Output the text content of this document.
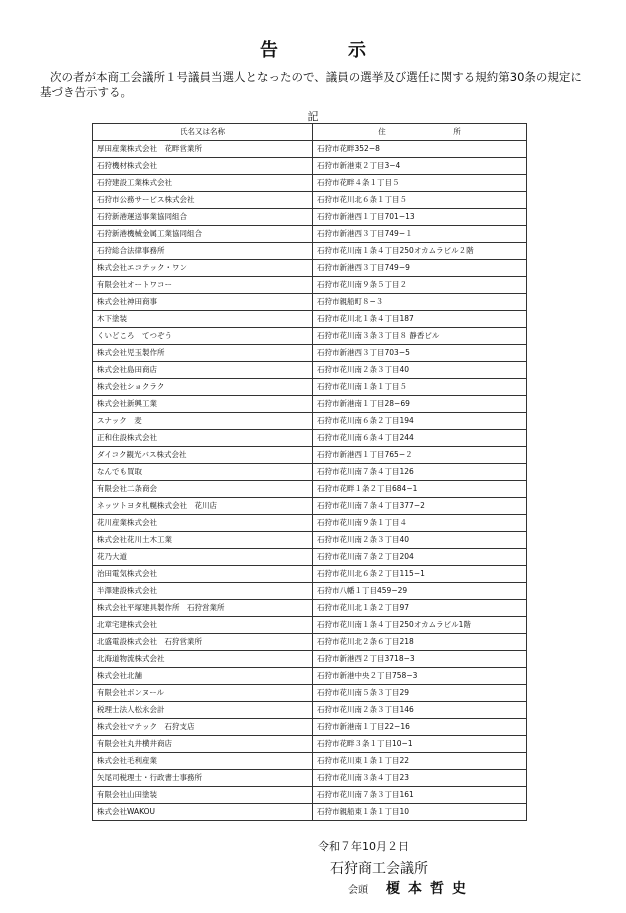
告　示
次の者が本商工会議所１号議員当選人となったので、議員の選挙及び選任に関する規約第30条の規定に基づき告示する。
記
氏名又は名称	住　所
厚田産業株式会社　花畔営業所	石狩市花畔352−8
石狩機材株式会社	石狩市新港東２丁目3−4
石狩建設工業株式会社	石狩市花畔４条１丁目５
石狩市公務サービス株式会社	石狩市花川北６条１丁目５
石狩新港運送事業協同組合	石狩市新港西１丁目701−13
石狩新港機械金属工業協同組合	石狩市新港西３丁目749−１
石狩総合法律事務所	石狩市花川南１条４丁目250オカムラビル２階
株式会社エコテック・ワン	石狩市新港西３丁目749−9
有限会社オートワコー	石狩市花川南９条５丁目２
株式会社神田商事	石狩市親船町８−３
木下塗装	石狩市花川北１条４丁目187
くいどころ　てつぞう	石狩市花川南３条３丁目８ 静香ビル
株式会社児玉製作所	石狩市新港西３丁目703−5
株式会社島田商店	石狩市花川南２条３丁目40
株式会社ショクラク	石狩市花川南１条１丁目５
株式会社新興工業	石狩市新港南１丁目28−69
スナック　麦	石狩市花川南６条２丁目194
正和住設株式会社	石狩市花川南６条４丁目244
ダイコク観光バス株式会社	石狩市新港西１丁目765−２
なんでも買取	石狩市花川南７条４丁目126
有限会社二条商会	石狩市花畔１条２丁目684−1
ネッツトヨタ札幌株式会社　花川店	石狩市花川南７条４丁目377−2
花川産業株式会社	石狩市花川南９条１丁目４
株式会社花川土木工業	石狩市花川南２条３丁目40
花乃大道	石狩市花川南７条２丁目204
治田電気株式会社	石狩市花川北６条２丁目115−1
半澤建設株式会社	石狩市八幡１丁目459−29
株式会社平塚建具製作所　石狩営業所	石狩市花川北１条２丁目97
北章宅建株式会社	石狩市花川南１条４丁目250オカムラビル1階
北盛電設株式会社　石狩営業所	石狩市花川北２条６丁目218
北海道物流株式会社	石狩市新港西２丁目3718−3
株式会社北舗	石狩市新港中央２丁目758−3
有限会社ボンヌール	石狩市花川南５条３丁目29
税理士法人松永会計	石狩市花川南２条３丁目146
株式会社マテック　石狩支店	石狩市新港南１丁目22−16
有限会社丸井横井商店	石狩市花畔３条１丁目10−1
株式会社毛利産業	石狩市花川東１条１丁目22
矢尾司税理士・行政書士事務所	石狩市花川南３条４丁目23
有限会社山田塗装	石狩市花川南７条３丁目161
株式会社WAKOU	石狩市親船東１条１丁目10
令和７年10月２日
石狩商工会議所
会頭 榎本哲史
